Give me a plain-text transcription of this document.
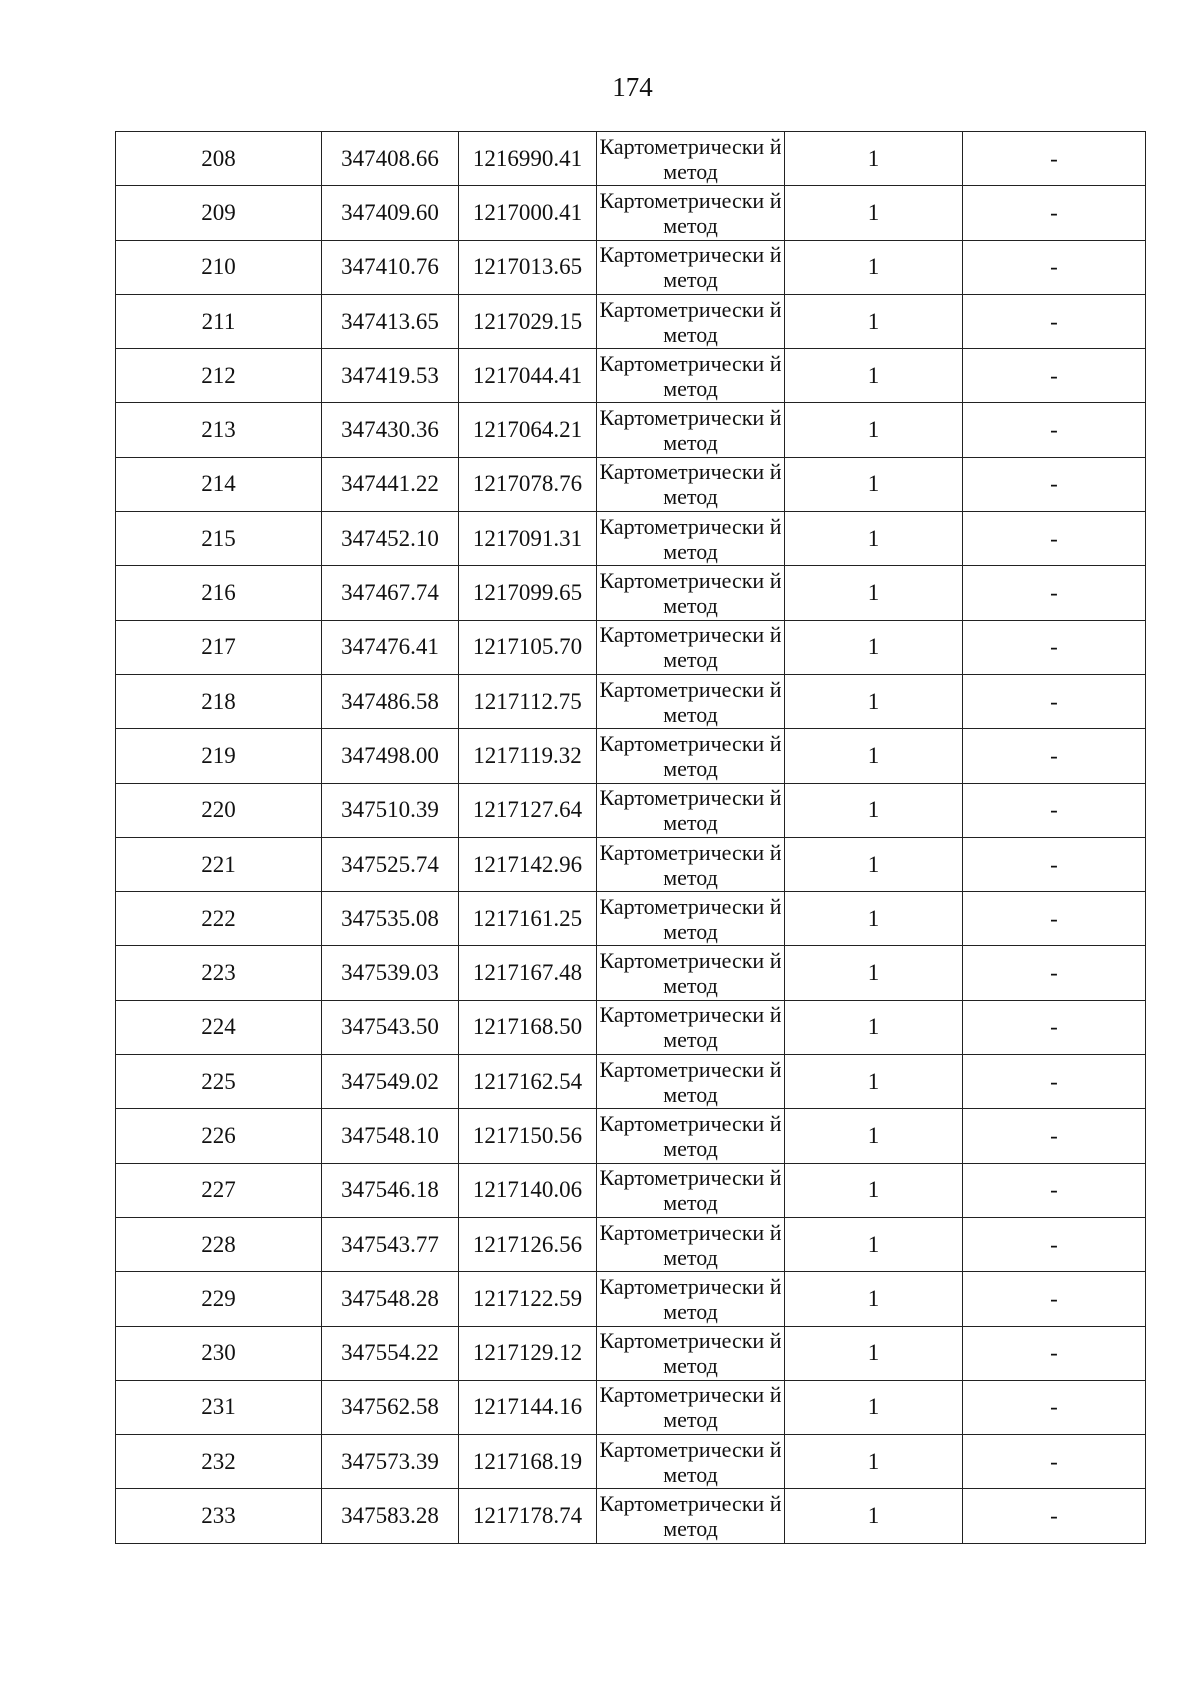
174
208	347408.66	1216990.41	Картометрически й метод	1	-
209	347409.60	1217000.41	Картометрически й метод	1	-
210	347410.76	1217013.65	Картометрически й метод	1	-
211	347413.65	1217029.15	Картометрически й метод	1	-
212	347419.53	1217044.41	Картометрически й метод	1	-
213	347430.36	1217064.21	Картометрически й метод	1	-
214	347441.22	1217078.76	Картометрически й метод	1	-
215	347452.10	1217091.31	Картометрически й метод	1	-
216	347467.74	1217099.65	Картометрически й метод	1	-
217	347476.41	1217105.70	Картометрически й метод	1	-
218	347486.58	1217112.75	Картометрически й метод	1	-
219	347498.00	1217119.32	Картометрически й метод	1	-
220	347510.39	1217127.64	Картометрически й метод	1	-
221	347525.74	1217142.96	Картометрически й метод	1	-
222	347535.08	1217161.25	Картометрически й метод	1	-
223	347539.03	1217167.48	Картометрически й метод	1	-
224	347543.50	1217168.50	Картометрически й метод	1	-
225	347549.02	1217162.54	Картометрически й метод	1	-
226	347548.10	1217150.56	Картометрически й метод	1	-
227	347546.18	1217140.06	Картометрически й метод	1	-
228	347543.77	1217126.56	Картометрически й метод	1	-
229	347548.28	1217122.59	Картометрически й метод	1	-
230	347554.22	1217129.12	Картометрически й метод	1	-
231	347562.58	1217144.16	Картометрически й метод	1	-
232	347573.39	1217168.19	Картометрически й метод	1	-
233	347583.28	1217178.74	Картометрически й метод	1	-
